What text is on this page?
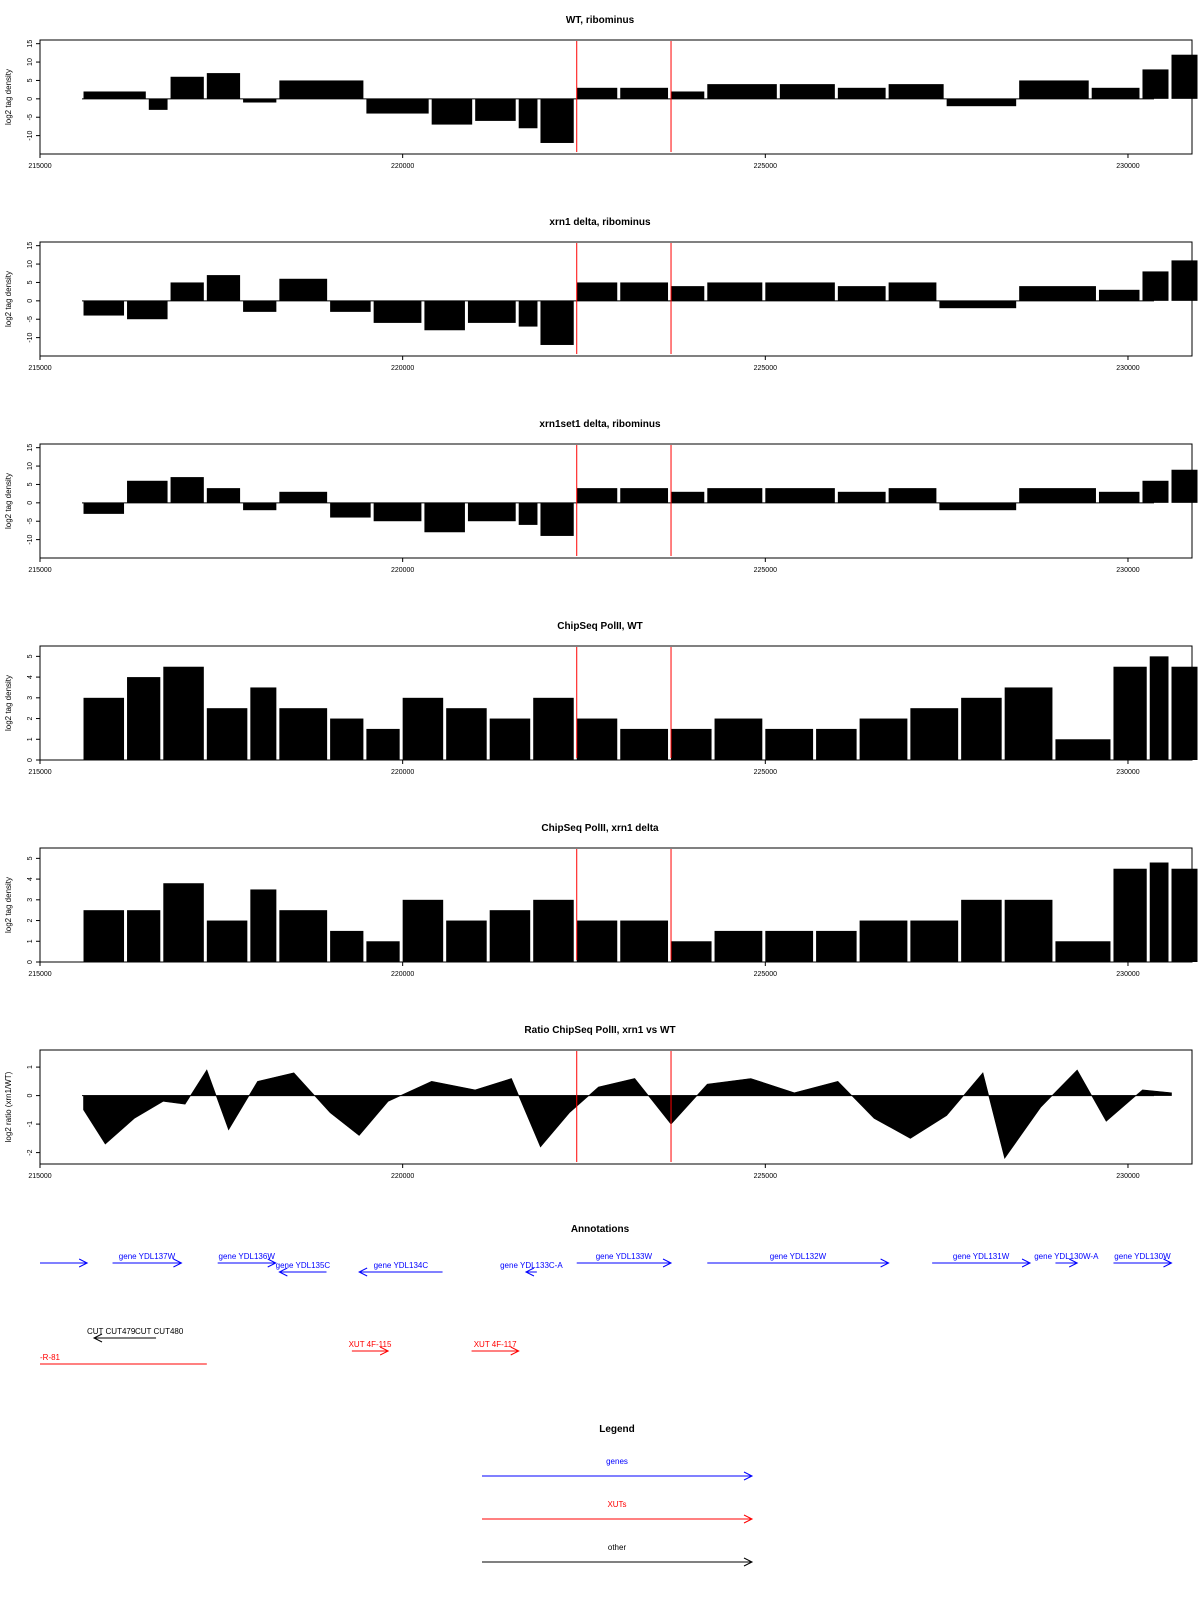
WT, ribominus
log2 tag density
15
10
5
0
-5
-10
215000	220000	225000	230000
xrn1 delta, ribominus
log2 tag density
15
10
5
0
-5
-10
215000	220000	225000	230000
xrn1set1 delta, ribominus
log2 tag density
15
10
5
0
-5
-10
215000	220000	225000	230000
ChipSeq PolII, WT
log2 tag density
5
4
3
2
1
0
215000	220000	225000	230000
ChipSeq PolII, xrn1 delta
log2 tag density
5
4
3
2
1
0
215000	220000	225000	230000
Ratio ChipSeq PolII, xrn1 vs WT
log2 ratio (xrn1/WT)
1
0
-1
-2
215000	220000	225000	230000
Annotations
gene YDL137W	gene YDL136W
gene YDL135C	gene YDL134C	gene YDL133C-A
gene YDL133W	gene YDL132W	gene YDL131W	gene YDL130W-A gene YDL130W
CUT CUT479 CUT CUT480
-R-81
XUT 4F-115	XUT 4F-117
Legend
genes
XUTs
other
